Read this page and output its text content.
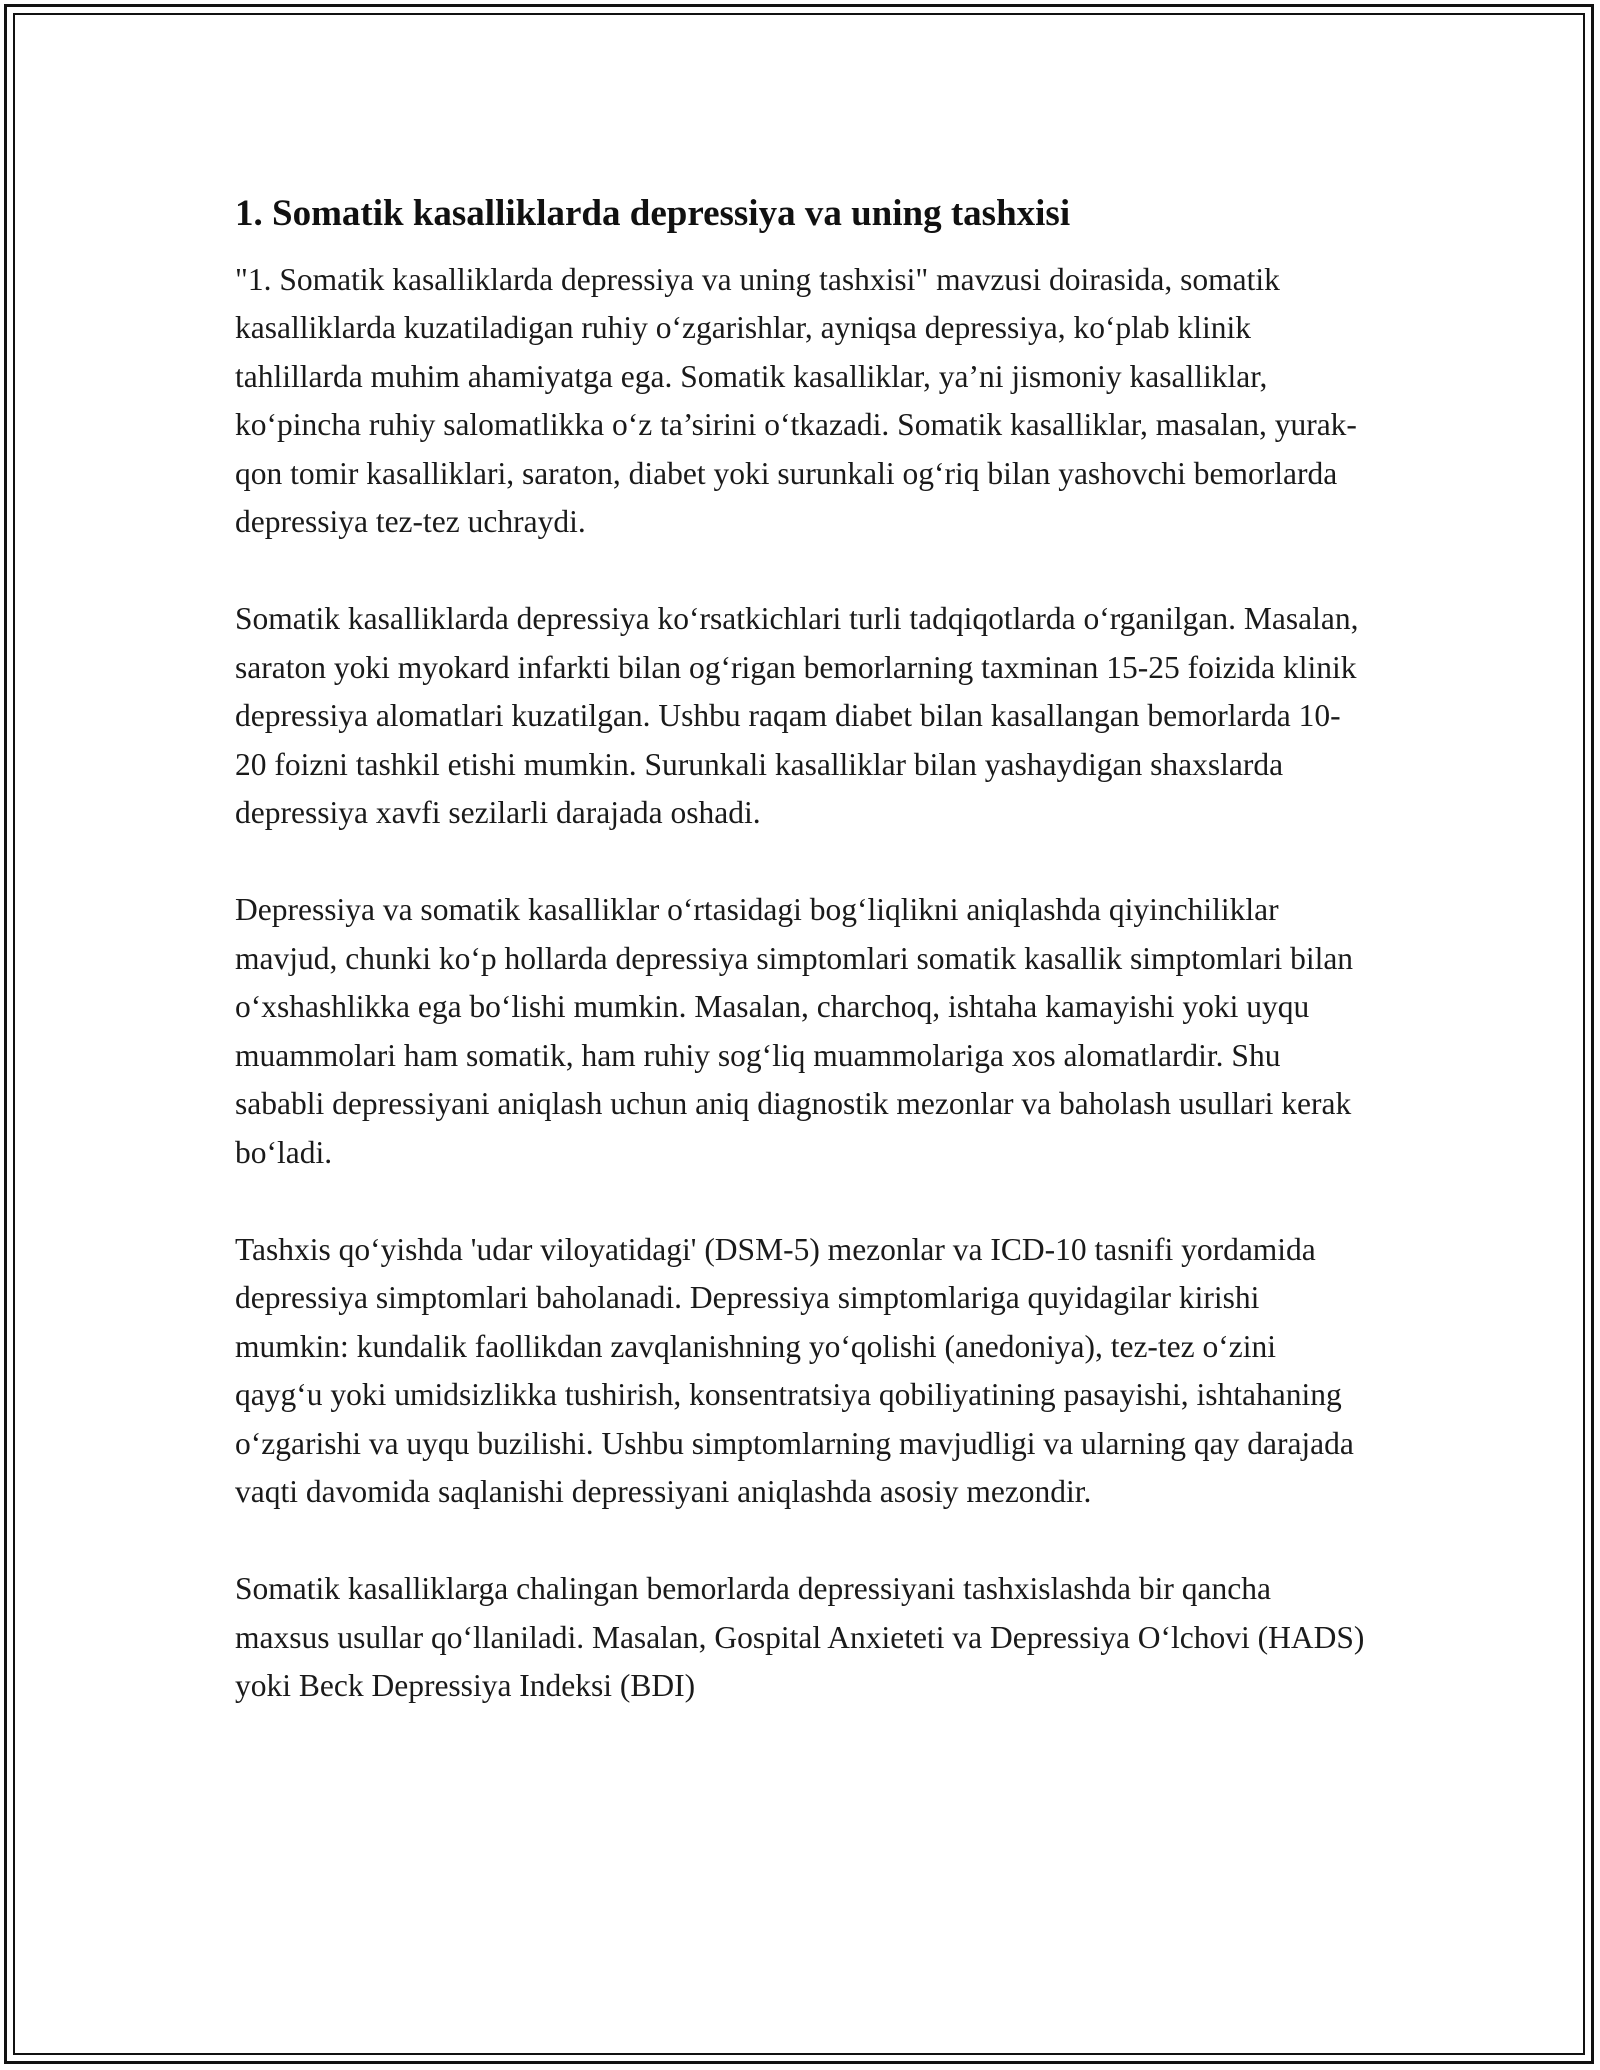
1. Somatik kasalliklarda depressiya va uning tashxisi

"1. Somatik kasalliklarda depressiya va uning tashxisi" mavzusi doirasida, somatik kasalliklarda kuzatiladigan ruhiy o‘zgarishlar, ayniqsa depressiya, ko‘plab klinik tahlillarda muhim ahamiyatga ega. Somatik kasalliklar, ya’ni jismoniy kasalliklar, ko‘pincha ruhiy salomatlikka o‘z ta’sirini o‘tkazadi. Somatik kasalliklar, masalan, yurak-qon tomir kasalliklari, saraton, diabet yoki surunkali og‘riq bilan yashovchi bemorlarda depressiya tez-tez uchraydi.

Somatik kasalliklarda depressiya ko‘rsatkichlari turli tadqiqotlarda o‘rganilgan. Masalan, saraton yoki myokard infarkti bilan og‘rigan bemorlarning taxminan 15-25 foizida klinik depressiya alomatlari kuzatilgan. Ushbu raqam diabet bilan kasallangan bemorlarda 10-20 foizni tashkil etishi mumkin. Surunkali kasalliklar bilan yashaydigan shaxslarda depressiya xavfi sezilarli darajada oshadi.

Depressiya va somatik kasalliklar o‘rtasidagi bog‘liqlikni aniqlashda qiyinchiliklar mavjud, chunki ko‘p hollarda depressiya simptomlari somatik kasallik simptomlari bilan o‘xshashlikka ega bo‘lishi mumkin. Masalan, charchoq, ishtaha kamayishi yoki uyqu muammolari ham somatik, ham ruhiy sog‘liq muammolariga xos alomatlardir. Shu sababli depressiyani aniqlash uchun aniq diagnostik mezonlar va baholash usullari kerak bo‘ladi.

Tashxis qo‘yishda 'udar viloyatidagi' (DSM-5) mezonlar va ICD-10 tasnifi yordamida depressiya simptomlari baholanadi. Depressiya simptomlariga quyidagilar kirishi mumkin: kundalik faollikdan zavqlanishning yo‘qolishi (anedoniya), tez-tez o‘zini qayg‘u yoki umidsizlikka tushirish, konsentratsiya qobiliyatining pasayishi, ishtahaning o‘zgarishi va uyqu buzilishi. Ushbu simptomlarning mavjudligi va ularning qay darajada vaqti davomida saqlanishi depressiyani aniqlashda asosiy mezondir.

Somatik kasalliklarga chalingan bemorlarda depressiyani tashxislashda bir qancha maxsus usullar qo‘llaniladi. Masalan, Gospital Anxieteti va Depressiya O‘lchovi (HADS) yoki Beck Depressiya Indeksi (BDI)
